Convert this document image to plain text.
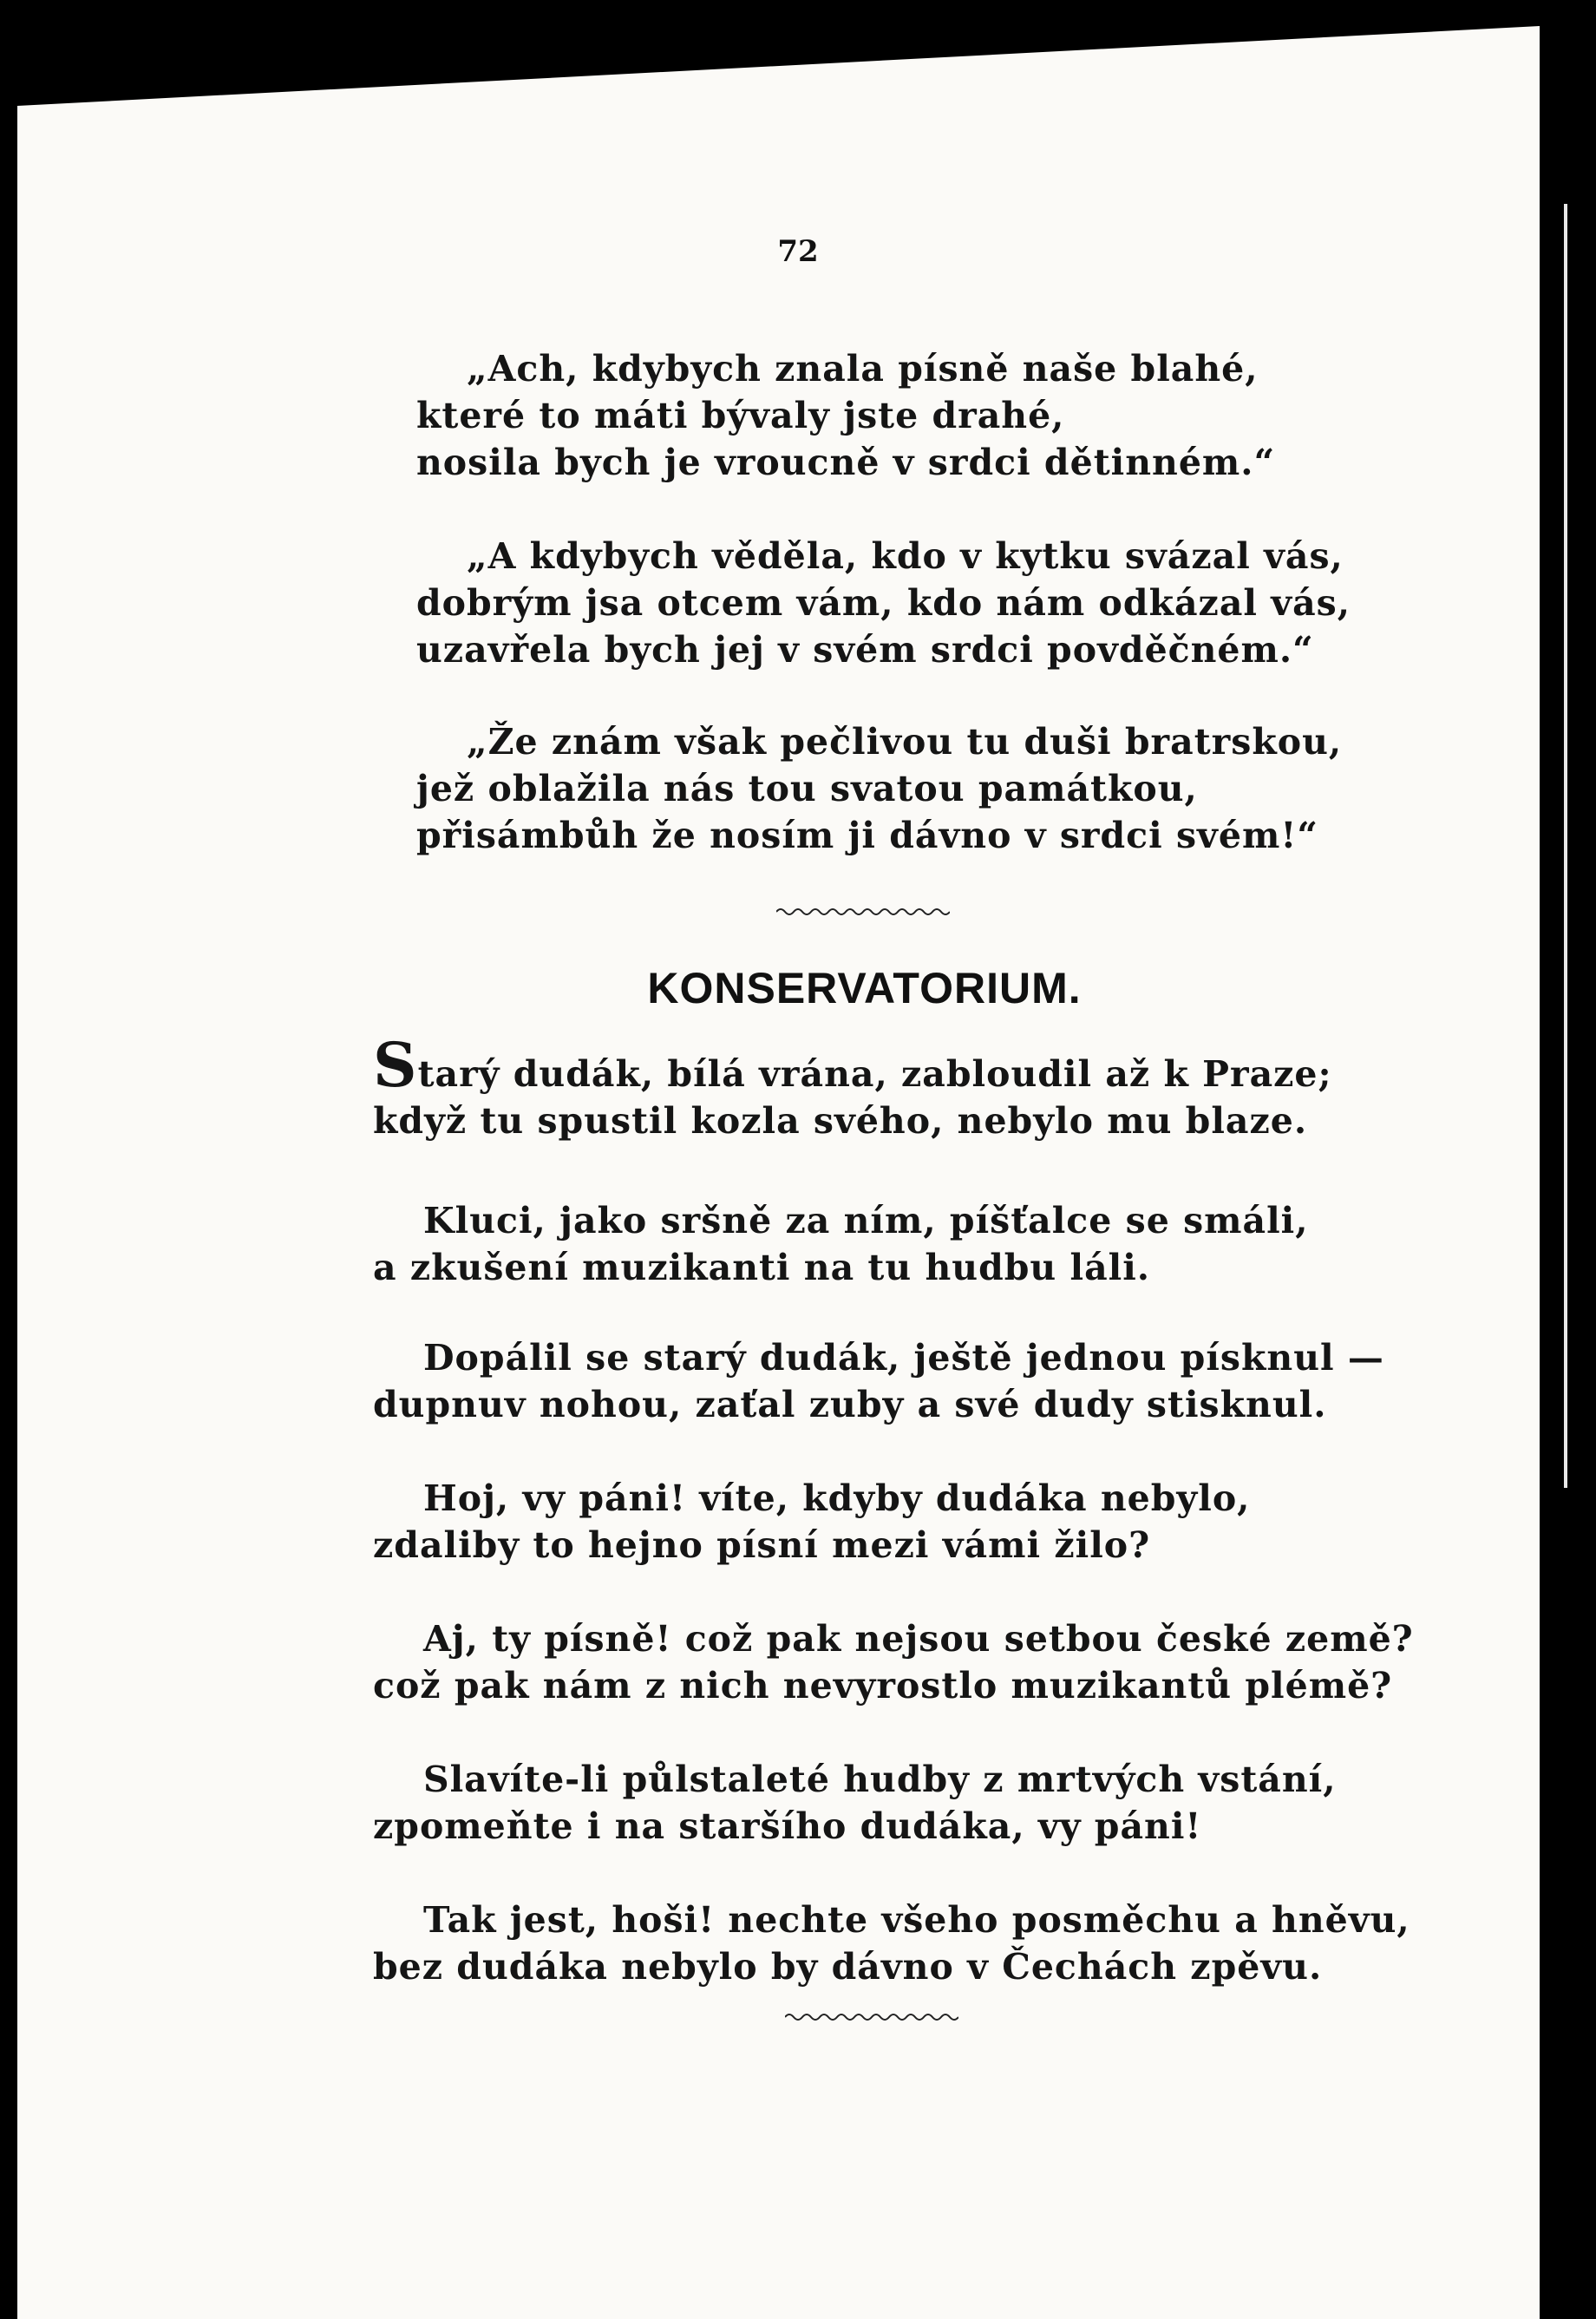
72
„Ach, kdybych znala písně naše blahé,
které to máti bývaly jste drahé,
nosila bych je vroucně v srdci dětinném.“
„A kdybych věděla, kdo v kytku svázal vás,
dobrým jsa otcem vám, kdo nám odkázal vás,
uzavřela bych jej v svém srdci povděčném.“
„Že znám však pečlivou tu duši bratrskou,
jež oblažila nás tou svatou památkou,
přisámbůh že nosím ji dávno v srdci svém!“
KONSERVATORIUM.
Starý dudák, bílá vrána, zabloudil až k Praze;
když tu spustil kozla svého, nebylo mu blaze.
Kluci, jako sršně za ním, píšťalce se smáli,
a zkušení muzikanti na tu hudbu láli.
Dopálil se starý dudák, ještě jednou písknul —
dupnuv nohou, zaťal zuby a své dudy stisknul.
Hoj, vy páni! víte, kdyby dudáka nebylo,
zdaliby to hejno písní mezi vámi žilo?
Aj, ty písně! což pak nejsou setbou české země?
což pak nám z nich nevyrostlo muzikantů plémě?
Slavíte-li půlstaleté hudby z mrtvých vstání,
zpomeňte i na staršího dudáka, vy páni!
Tak jest, hoši! nechte všeho posměchu a hněvu,
bez dudáka nebylo by dávno v Čechách zpěvu.
